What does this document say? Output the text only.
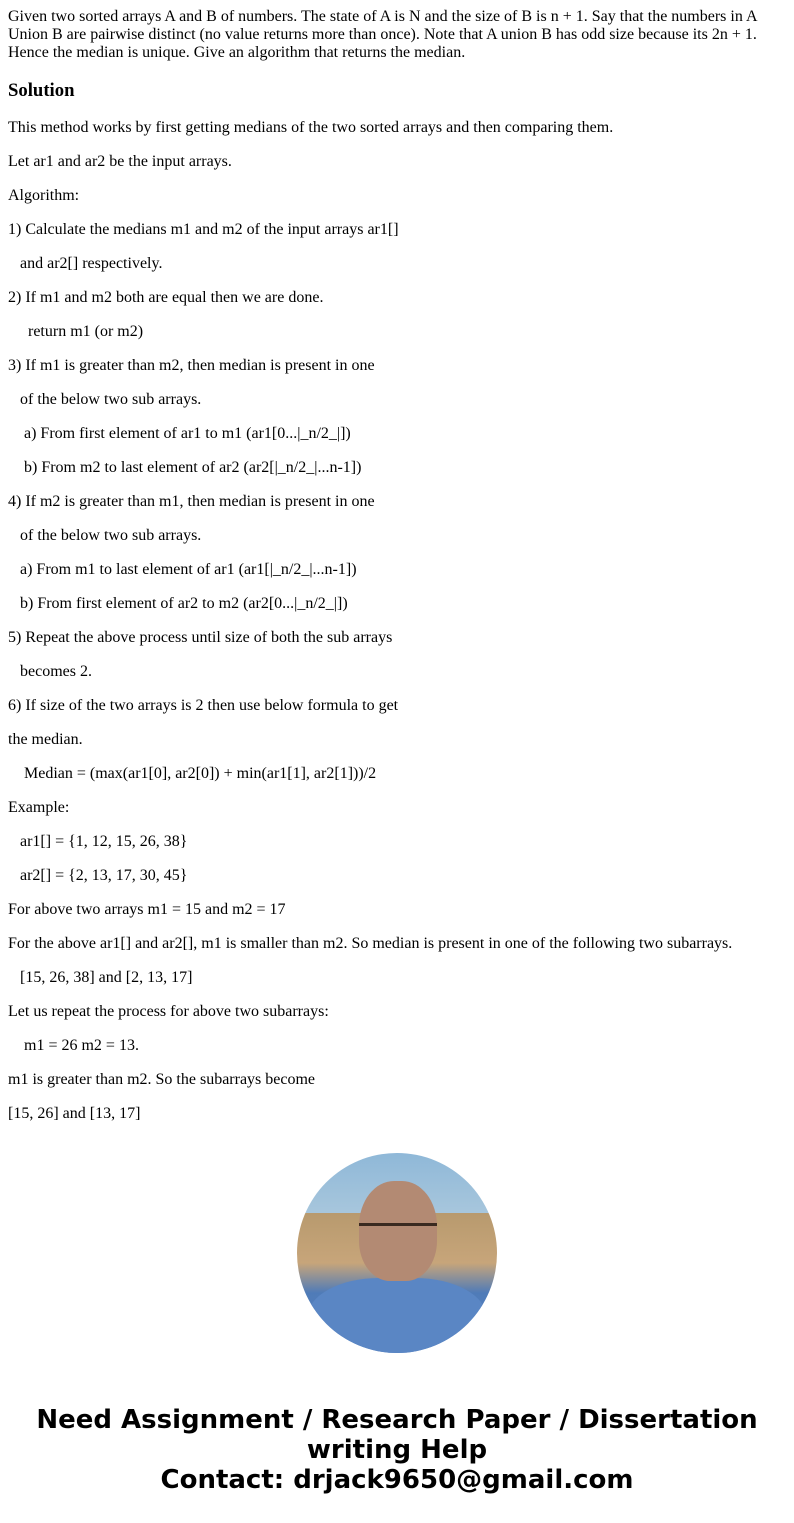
Given two sorted arrays A and B of numbers. The state of A is N and the size of B is n + 1. Say that the numbers in A Union B are pairwise distinct (no value returns more than once). Note that A union B has odd size because its 2n + 1. Hence the median is unique. Give an algorithm that returns the median.

Solution

This method works by first getting medians of the two sorted arrays and then comparing them.

Let ar1 and ar2 be the input arrays.

Algorithm:

1) Calculate the medians m1 and m2 of the input arrays ar1[]

and ar2[] respectively.

2) If m1 and m2 both are equal then we are done.

return m1 (or m2)

3) If m1 is greater than m2, then median is present in one

of the below two sub arrays.

a) From first element of ar1 to m1 (ar1[0...|_n/2_|])

b) From m2 to last element of ar2 (ar2[|_n/2_|...n-1])

4) If m2 is greater than m1, then median is present in one

of the below two sub arrays.

a) From m1 to last element of ar1 (ar1[|_n/2_|...n-1])

b) From first element of ar2 to m2 (ar2[0...|_n/2_|])

5) Repeat the above process until size of both the sub arrays

becomes 2.

6) If size of the two arrays is 2 then use below formula to get

the median.

Median = (max(ar1[0], ar2[0]) + min(ar1[1], ar2[1]))/2

Example:

ar1[] = {1, 12, 15, 26, 38}

ar2[] = {2, 13, 17, 30, 45}

For above two arrays m1 = 15 and m2 = 17

For the above ar1[] and ar2[], m1 is smaller than m2. So median is present in one of the following two subarrays.

[15, 26, 38] and [2, 13, 17]

Let us repeat the process for above two subarrays:

m1 = 26 m2 = 13.

m1 is greater than m2. So the subarrays become

[15, 26] and [13, 17]

Need Assignment / Research Paper / Dissertation writing Help
Contact: drjack9650@gmail.com
